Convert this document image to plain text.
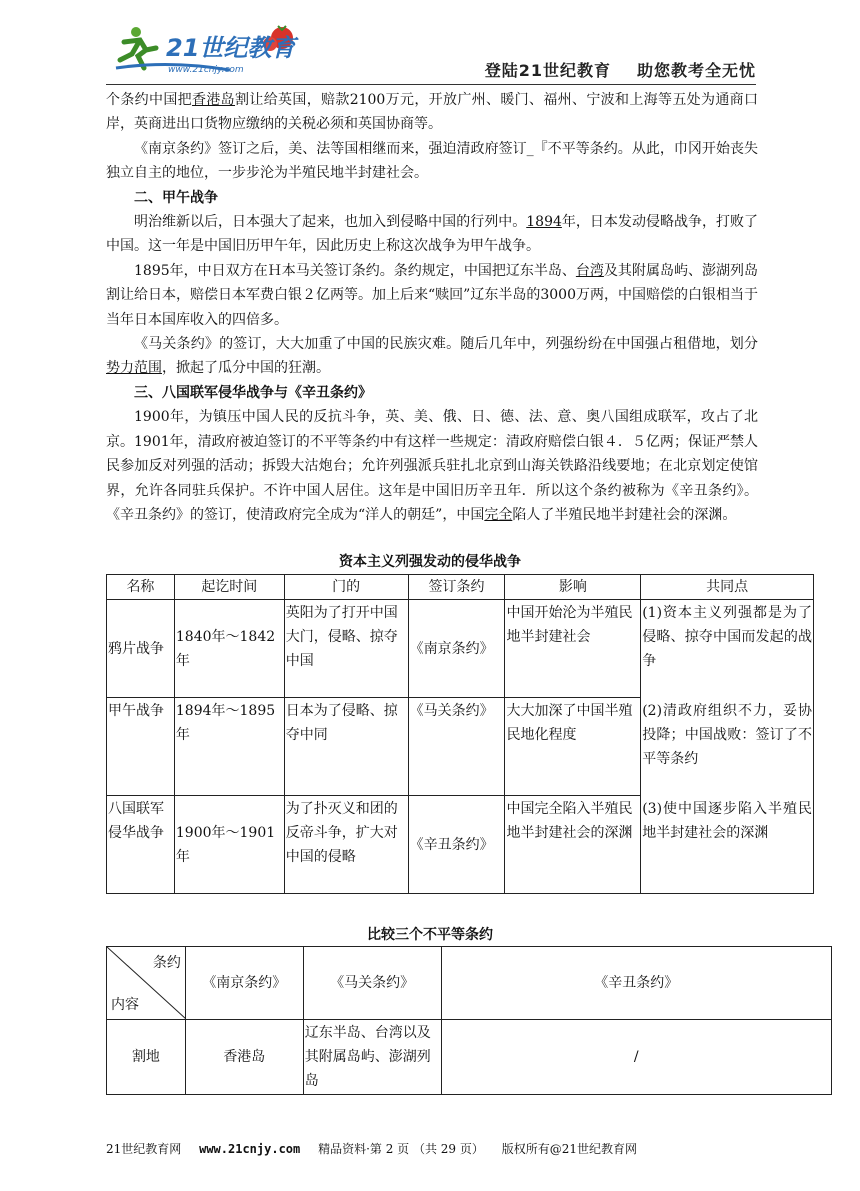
21世纪教育
www.21cnjy.com	登陆21世纪教育 助您教考全无忧

个条约中国把香港岛割让给英国，赔款2100万元，开放广州、暖门、福州、宁波和上海等五处为通商口岸，英商进出口货物应缴纳的关税必须和英国协商等。

《南京条约》签订之后，美、法等国相继而来，强迫清政府签订_『不平等条约。从此，巾冈开始丧失独立自主的地位，一步步沦为半殖民地半封建社会。

二、甲午战争

明治维新以后，日本强大了起来，也加入到侵略中国的行列中。1894年，日本发动侵略战争，打败了中国。这一年是中国旧历甲午年，因此历史上称这次战争为甲午战争。

1895年，中日双方在Ｈ本马关签订条约。条约规定，中国把辽东半岛、台湾及其附属岛屿、澎湖列岛割让给日本，赔偿日本军费白银２亿两等。加上后来“赎回”辽东半岛的3000万两，中国赔偿的白银相当于当年日本国库收入的四倍多。

《马关条约》的签订，大大加重了中国的民族灾难。随后几年中，列强纷纷在中国强占租借地，划分势力范围，掀起了瓜分中国的狂潮。

三、八国联军侵华战争与《辛丑条约》

1900年，为镇压中国人民的反抗斗争，英、美、俄、日、德、法、意、奥八国组成联军，攻占了北京。1901年，清政府被迫签订的不平等条约中有这样一些规定：清政府赔偿白银４．５亿两；保证严禁人民参加反对列强的活动；拆毁大沽炮台；允许列强派兵驻扎北京到山海关铁路沿线要地；在北京划定使馆界，允许各同驻兵保护。不许中国人居住。这年是中国旧历辛丑年．所以这个条约被称为《辛丑条约》。《辛丑条约》的签订，使清政府完全成为“洋人的朝廷”，中国完全陷人了半殖民地半封建社会的深渊。

资本主义列强发动的侵华战争
名称	起讫时间	门的	签订条约	影响	共同点
鸦片战争	1840年～1842年	英阳为了打开中国大门，侵略、掠夺中国	《南京条约》	中国开始沦为半殖民地半封建社会	(1)资本主义列强都是为了侵略、掠夺中国而发起的战争
(2)清政府组织不力，妥协投降；中国战败：签订了不平等条约
(3)使中国逐步陷入半殖民地半封建社会的深渊

甲午战争	1894年～1895年	日本为了侵略、掠夺中同	《马关条约》	大大加深了中国半殖民地化程度	
八国联军侵华战争	1900年～1901年	为了扑灭义和团的反帝斗争，扩大对中国的侵略	《辛丑条约》	中国完全陷入半殖民地半封建社会的深渊	
比较三个不平等条约
条约
内容	《南京条约》	《马关条约》	《辛丑条约》
割地	香港岛	辽东半岛、台湾以及其附属岛屿、澎湖列岛	/
21世纪教育网 www.21cnjy.com 精品资料·第 2 页 （共 29 页） 版权所有@21世纪教育网
